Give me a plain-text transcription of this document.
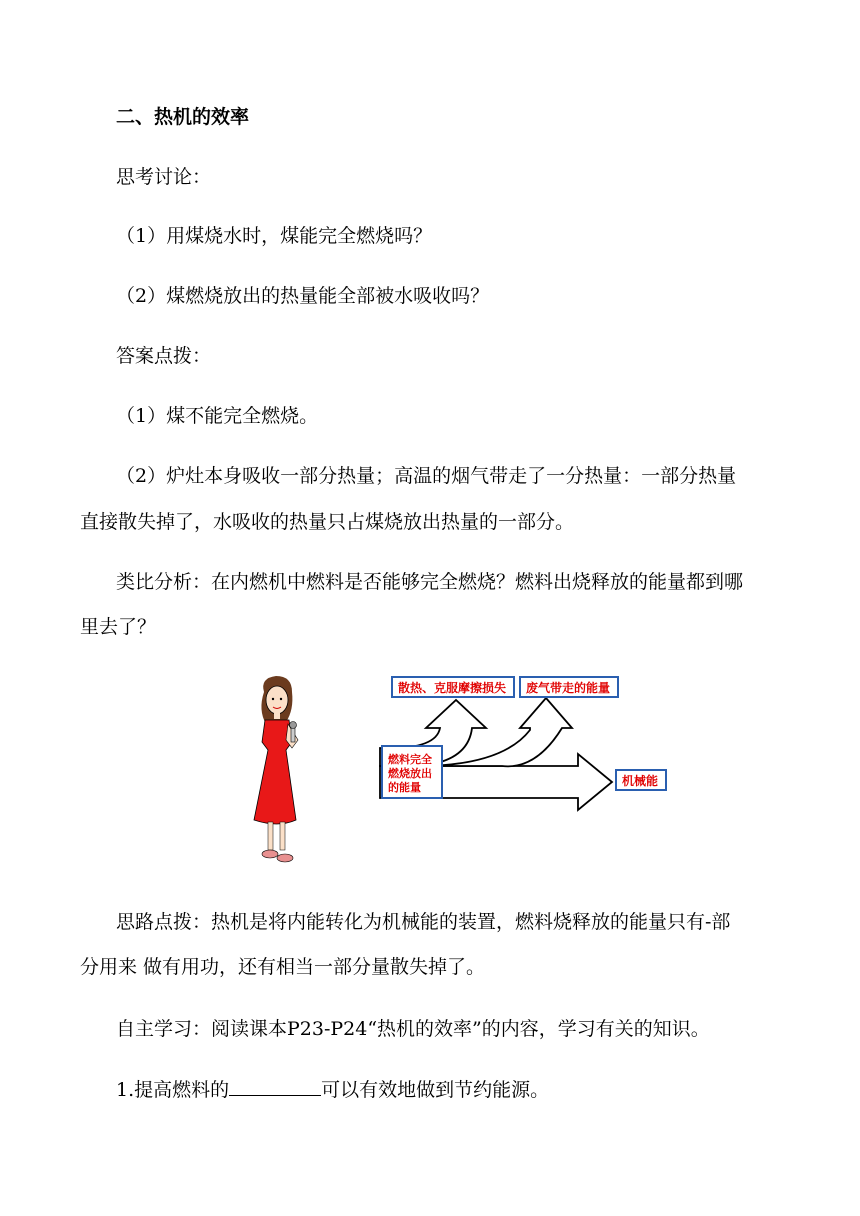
二、热机的效率
思考讨论：
（1）用煤烧水时，煤能完全燃烧吗？
（2）煤燃烧放出的热量能全部被水吸收吗？
答案点拨：
（1）煤不能完全燃烧。
（2）炉灶本身吸收一部分热量；高温的烟气带走了一分热量：一部分热量
直接散失掉了，水吸收的热量只占煤烧放出热量的一部分。
类比分析：在内燃机中燃料是否能够完全燃烧？燃料出烧释放的能量都到哪
里去了？
燃料完全
燃烧放出
的能量
散热、克服摩擦损失 废气带走的能量
机械能
思路点拨：热机是将内能转化为机械能的装置，燃料烧释放的能量只有-部
分用来 做有用功，还有相当一部分量散失掉了。
自主学习：阅读课本P23-P24“热机的效率”的内容，学习有关的知识。
1.提高燃料的	可以有效地做到节约能源。
